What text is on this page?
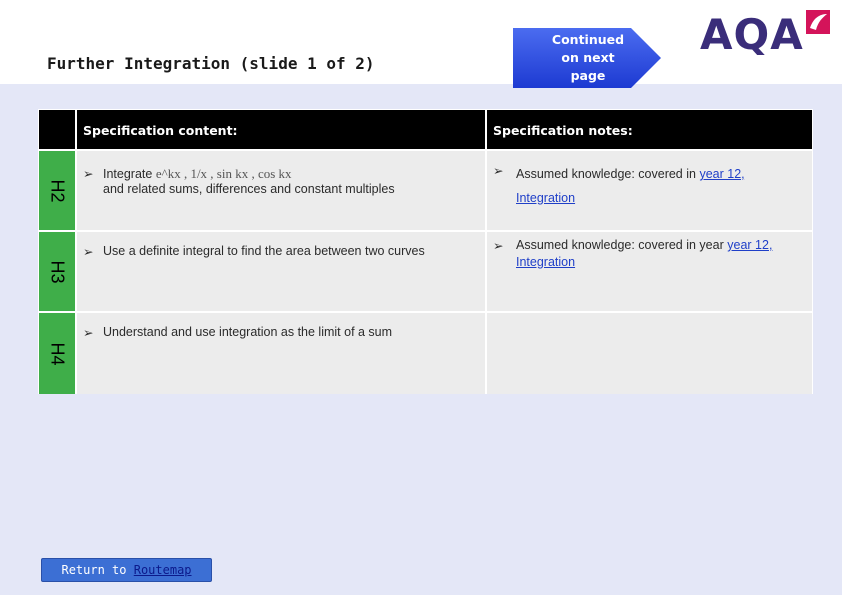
Further Integration (slide 1 of 2)
Continued
on next
page
AQA
Specification content:	Specification notes:
H2
➢ Integrate e^kx , 1/x , sin kx , cos kx
and related sums, differences and constant multiples
➢ Assumed knowledge: covered in year 12, Integration
H3
➢ Use a definite integral to find the area between two curves	➢ Assumed knowledge: covered in year year 12, Integration
H4
➢ Understand and use integration as the limit of a sum
Return to Routemap
